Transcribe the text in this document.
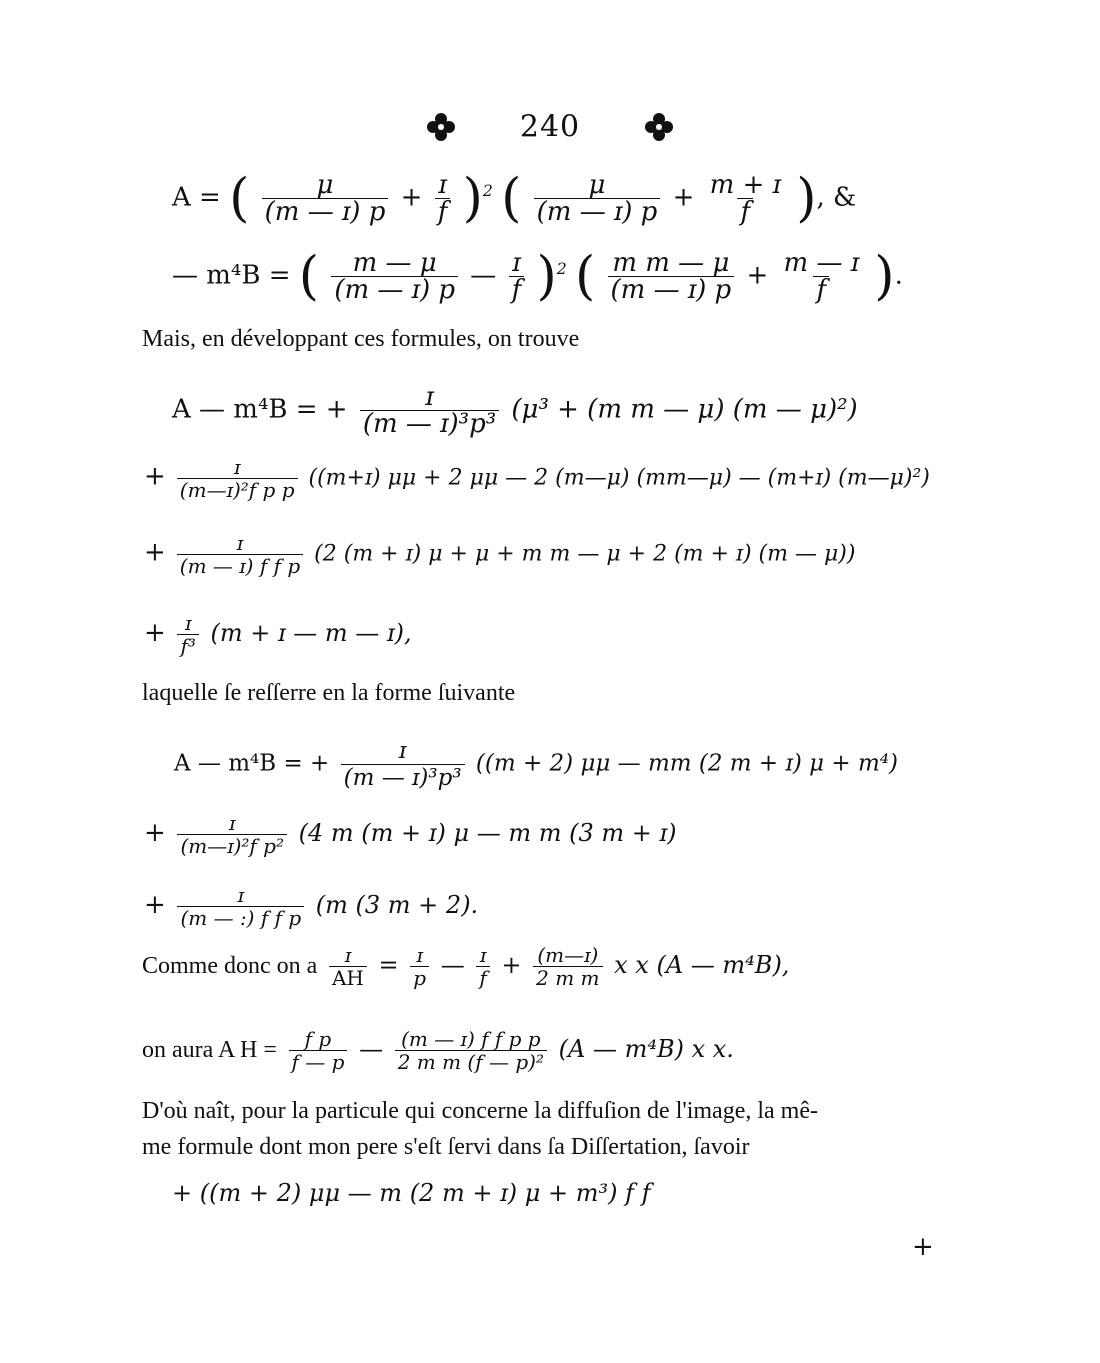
240
A = ( $\frac{\mu}{\text{(m — ɪ) p}} + \frac{\text{ɪ}}{f} )^2$ ( $\frac{\mu}{\text{(m — ɪ) p}} + \frac{\text{m + ɪ}}{f}$ ), &
— m⁴B = ( $\frac{m — \mu}{\text{(m — ɪ) p}}$ — $\frac{\text{ɪ}}{f} )^2$ ( $\frac{\text{m m — μ}}{\text{(m — ɪ) p}} + \frac{\text{m — ɪ}}{f}$ ).
Mais, en développant ces formules, on trouve
A — m⁴B = + $\frac{\text{ɪ}}{\text{(m — ɪ)³p³}} (\mu^3 + (m$ m — μ) (m — μ)²)
+ $\frac{\text{ɪ}}{\text{(m—ɪ)²f p p}}$ ((m+ɪ) μμ + 2 μμ — 2 (m—μ) (mm—μ) — (m+ɪ) (m—μ)²)
+ $\frac{\text{ɪ}}{\text{(m — ɪ) f f p}} (2$ (m + ɪ) μ + μ + m m — μ + 2 (m + ɪ) (m — μ))
+ $\frac{\text{ɪ}}{\text{f³}} (m$ + ɪ — m — ɪ),
laquelle ſe reſſerre en la forme ſuivante
A — m⁴B = + $\frac{\text{ɪ}}{\text{(m — ɪ)³p³}} ((m + 2)$ μμ — mm (2 m + ɪ) μ + m⁴)
+ $\frac{\text{ɪ}}{\text{(m—ɪ)²f p²}} (4$ m (m + ɪ) μ — m m (3 m + ɪ)
+ $\frac{\text{ɪ}}{\text{(m — :) f f p}} (m$ (3 m + 2).
Comme donc on a $\frac{\text{ɪ}}{AH} = \frac{\text{ɪ}}{p}$ — $\frac{\text{ɪ}}{f} + \frac{\text{(m—ɪ)}}{\text{2 m m}}$ x x (A — m⁴B),
on aura A $H = \frac{\text{f p}}{f — p}$ — $\frac{\text{(m — ɪ) f f p p}}{\text{2 m m (f — p)²}} (A$ — m⁴B) x x.
D'où naît, pour la particule qui concerne la diffuſion de l'image, la mê-
me formule dont mon pere s'eſt ſervi dans ſa Diſſertation, ſavoir
+ ((m + 2) μμ — m (2 m + ɪ) μ + m³) f f
+
